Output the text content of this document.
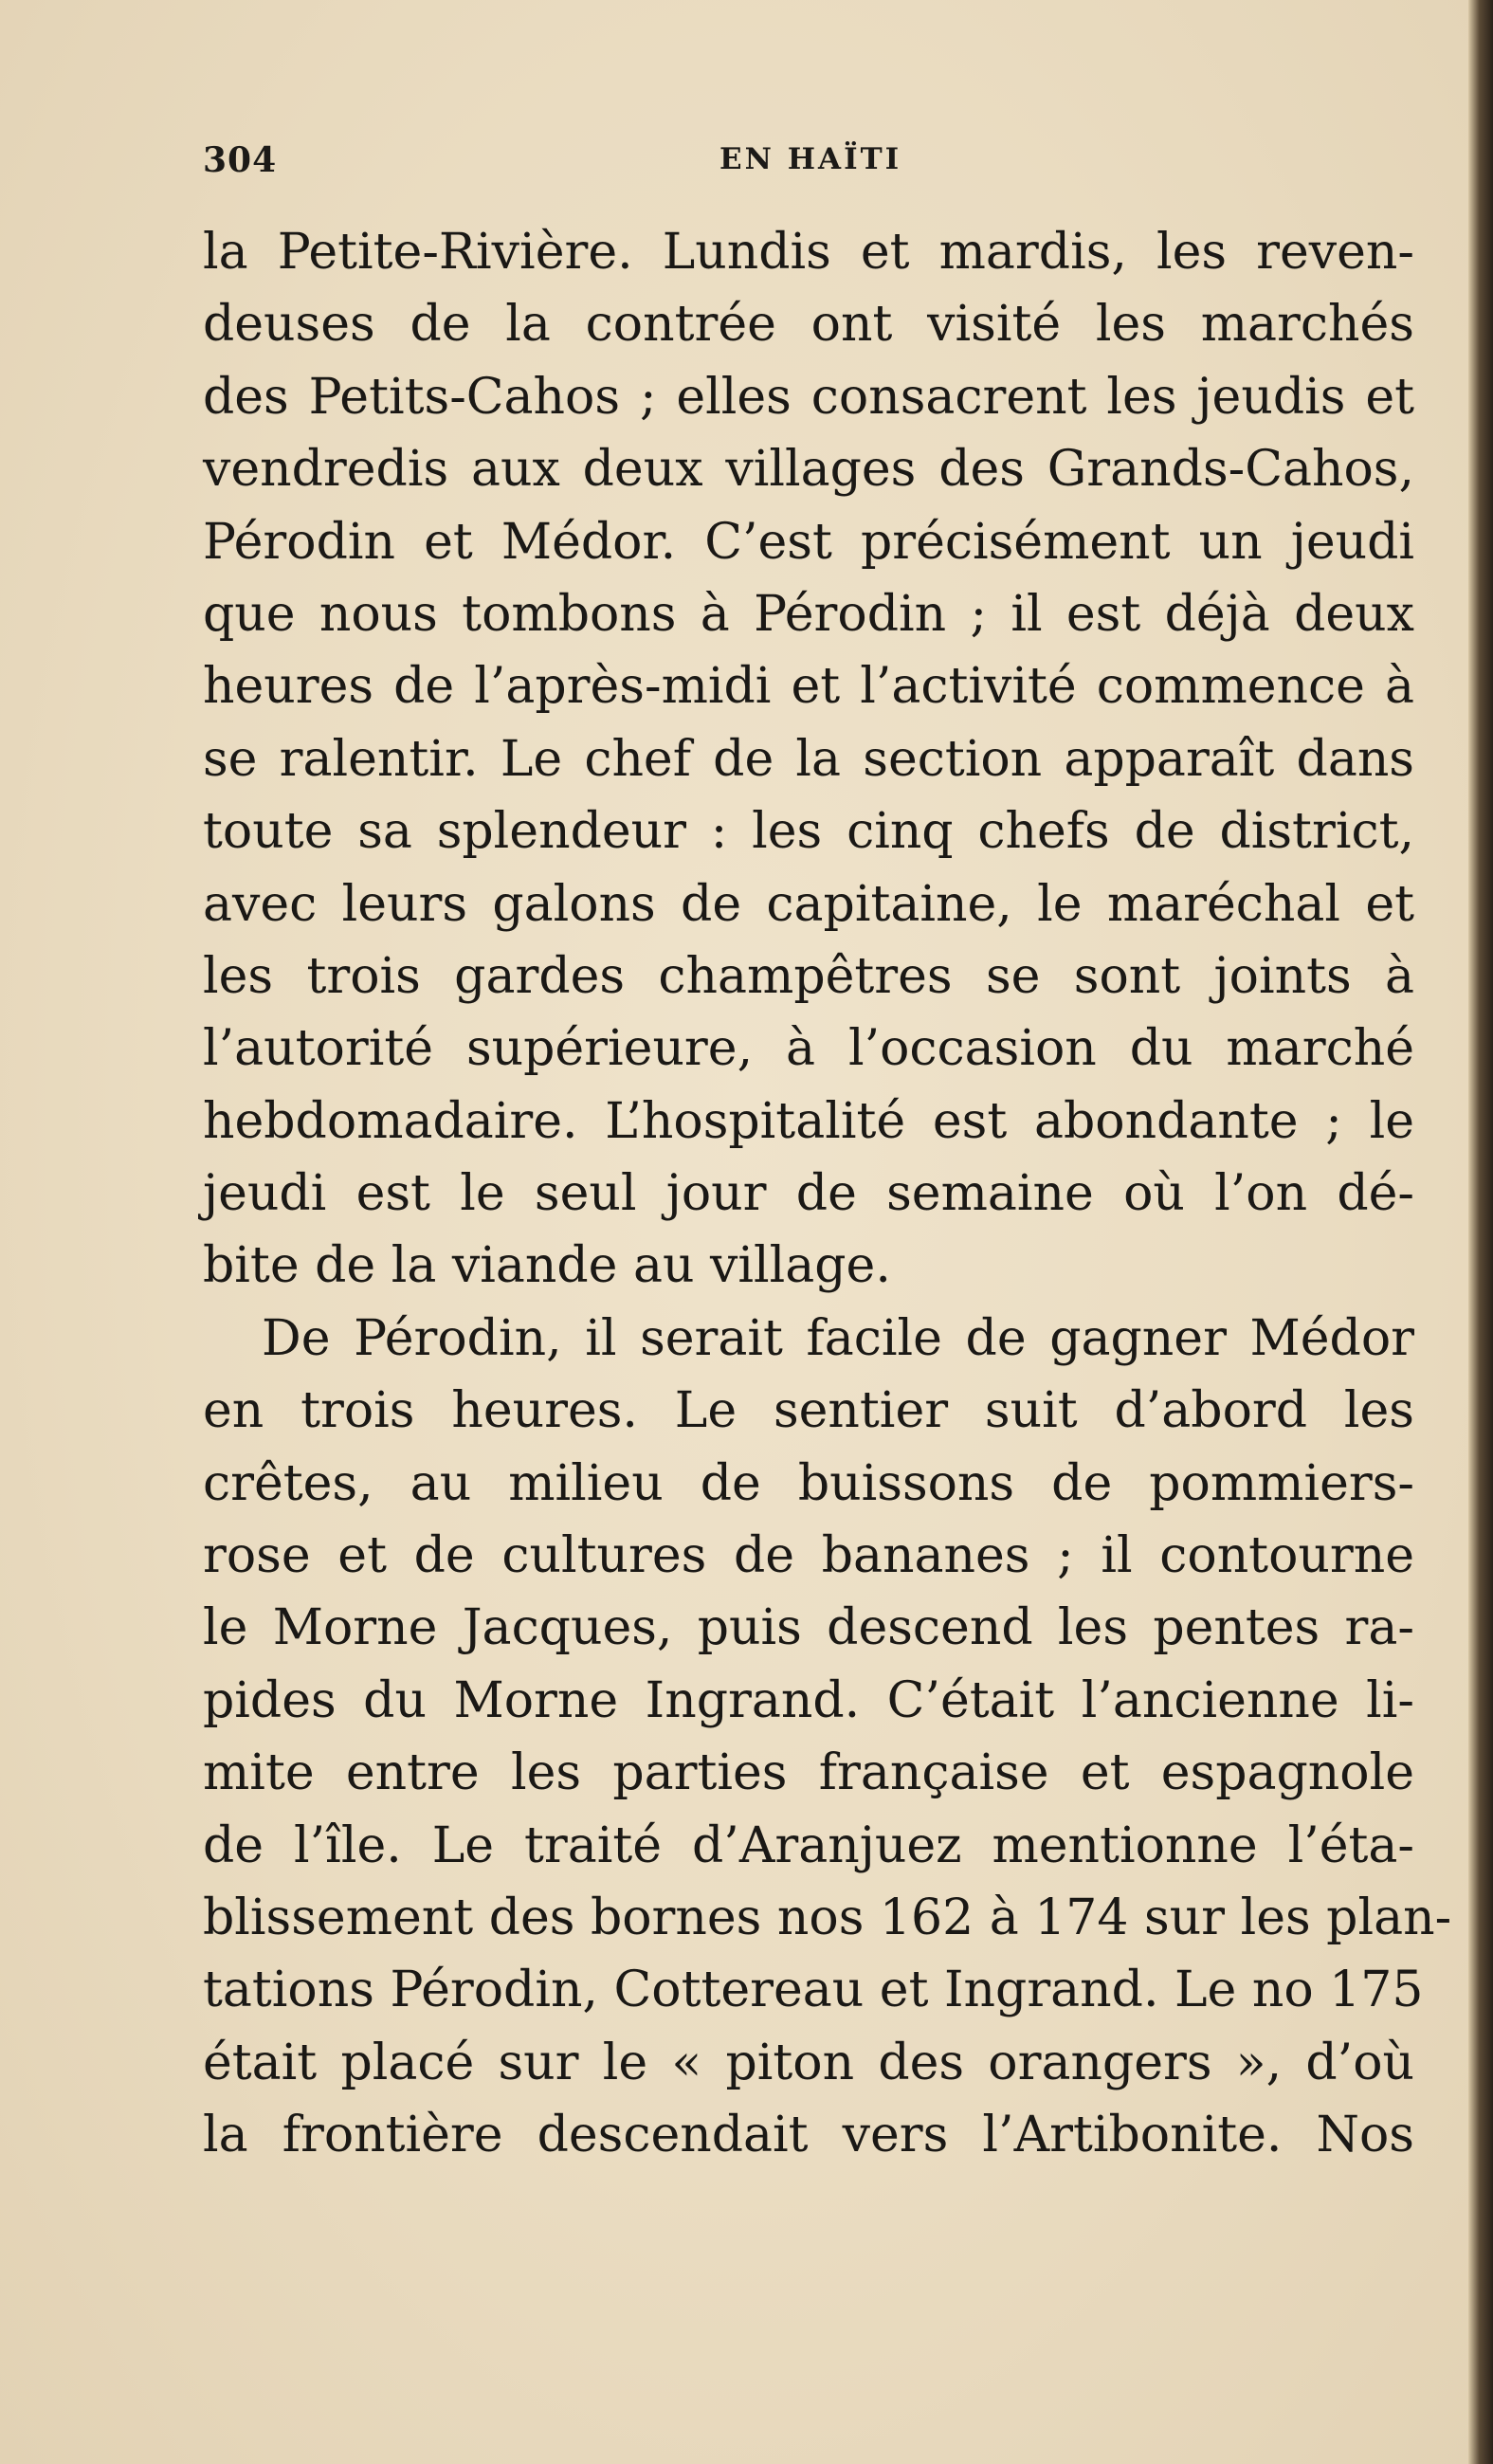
304	EN HAÏTI
la Petite-Rivière. Lundis et mardis, les reven-
deuses de la contrée ont visité les marchés
des Petits-Cahos ; elles consacrent les jeudis et
vendredis aux deux villages des Grands-Cahos,
Pérodin et Médor. C’est précisément un jeudi
que nous tombons à Pérodin ; il est déjà deux
heures de l’après-midi et l’activité commence à
se ralentir. Le chef de la section apparaît dans
toute sa splendeur : les cinq chefs de district,
avec leurs galons de capitaine, le maréchal et
les trois gardes champêtres se sont joints à
l’autorité supérieure, à l’occasion du marché
hebdomadaire. L’hospitalité est abondante ; le
jeudi est le seul jour de semaine où l’on dé-
bite de la viande au village.
De Pérodin, il serait facile de gagner Médor
en trois heures. Le sentier suit d’abord les
crêtes, au milieu de buissons de pommiers-
rose et de cultures de bananes ; il contourne
le Morne Jacques, puis descend les pentes ra-
pides du Morne Ingrand. C’était l’ancienne li-
mite entre les parties française et espagnole
de l’île. Le traité d’Aranjuez mentionne l’éta-
blissement des bornes nos 162 à 174 sur les plan-
tations Pérodin, Cottereau et Ingrand. Le no 175
était placé sur le « piton des orangers », d’où
la frontière descendait vers l’Artibonite. Nos
